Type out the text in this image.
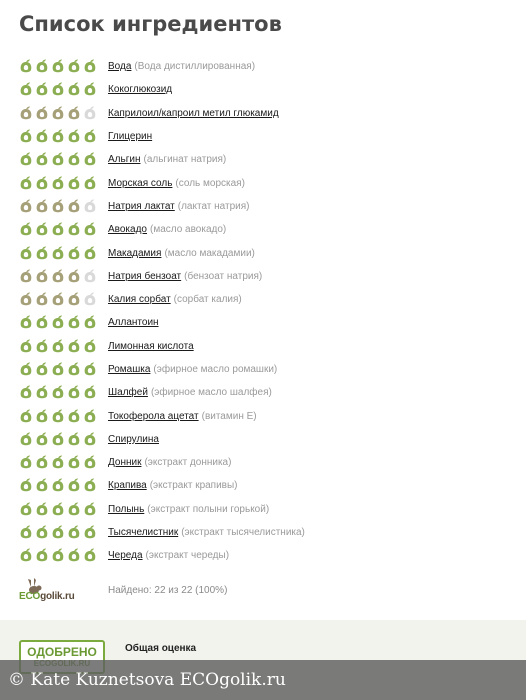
Список ингредиентов
Вода (Вода дистиллированная)
Кокоглюкозид
Каприлоил/капроил метил глюкамид
Глицерин
Альгин (альгинат натрия)
Морская соль (соль морская)
Натрия лактат (лактат натрия)
Авокадо (масло авокадо)
Макадамия (масло макадамии)
Натрия бензоат (бензоат натрия)
Калия сорбат (сорбат калия)
Аллантоин
Лимонная кислота
Ромашка (эфирное масло ромашки)
Шалфей (эфирное масло шалфея)
Токоферола ацетат (витамин E)
Спирулина
Донник (экстракт донника)
Крапива (экстракт крапивы)
Полынь (экстракт полыни горькой)
Тысячелистник (экстракт тысячелистника)
Череда (экстракт череды)
ECOgolik.ru
Найдено: 22 из 22 (100%)
ОДОБРЕНО	Общая оценка
© Kate Kuznetsova ECOgolik.ru
